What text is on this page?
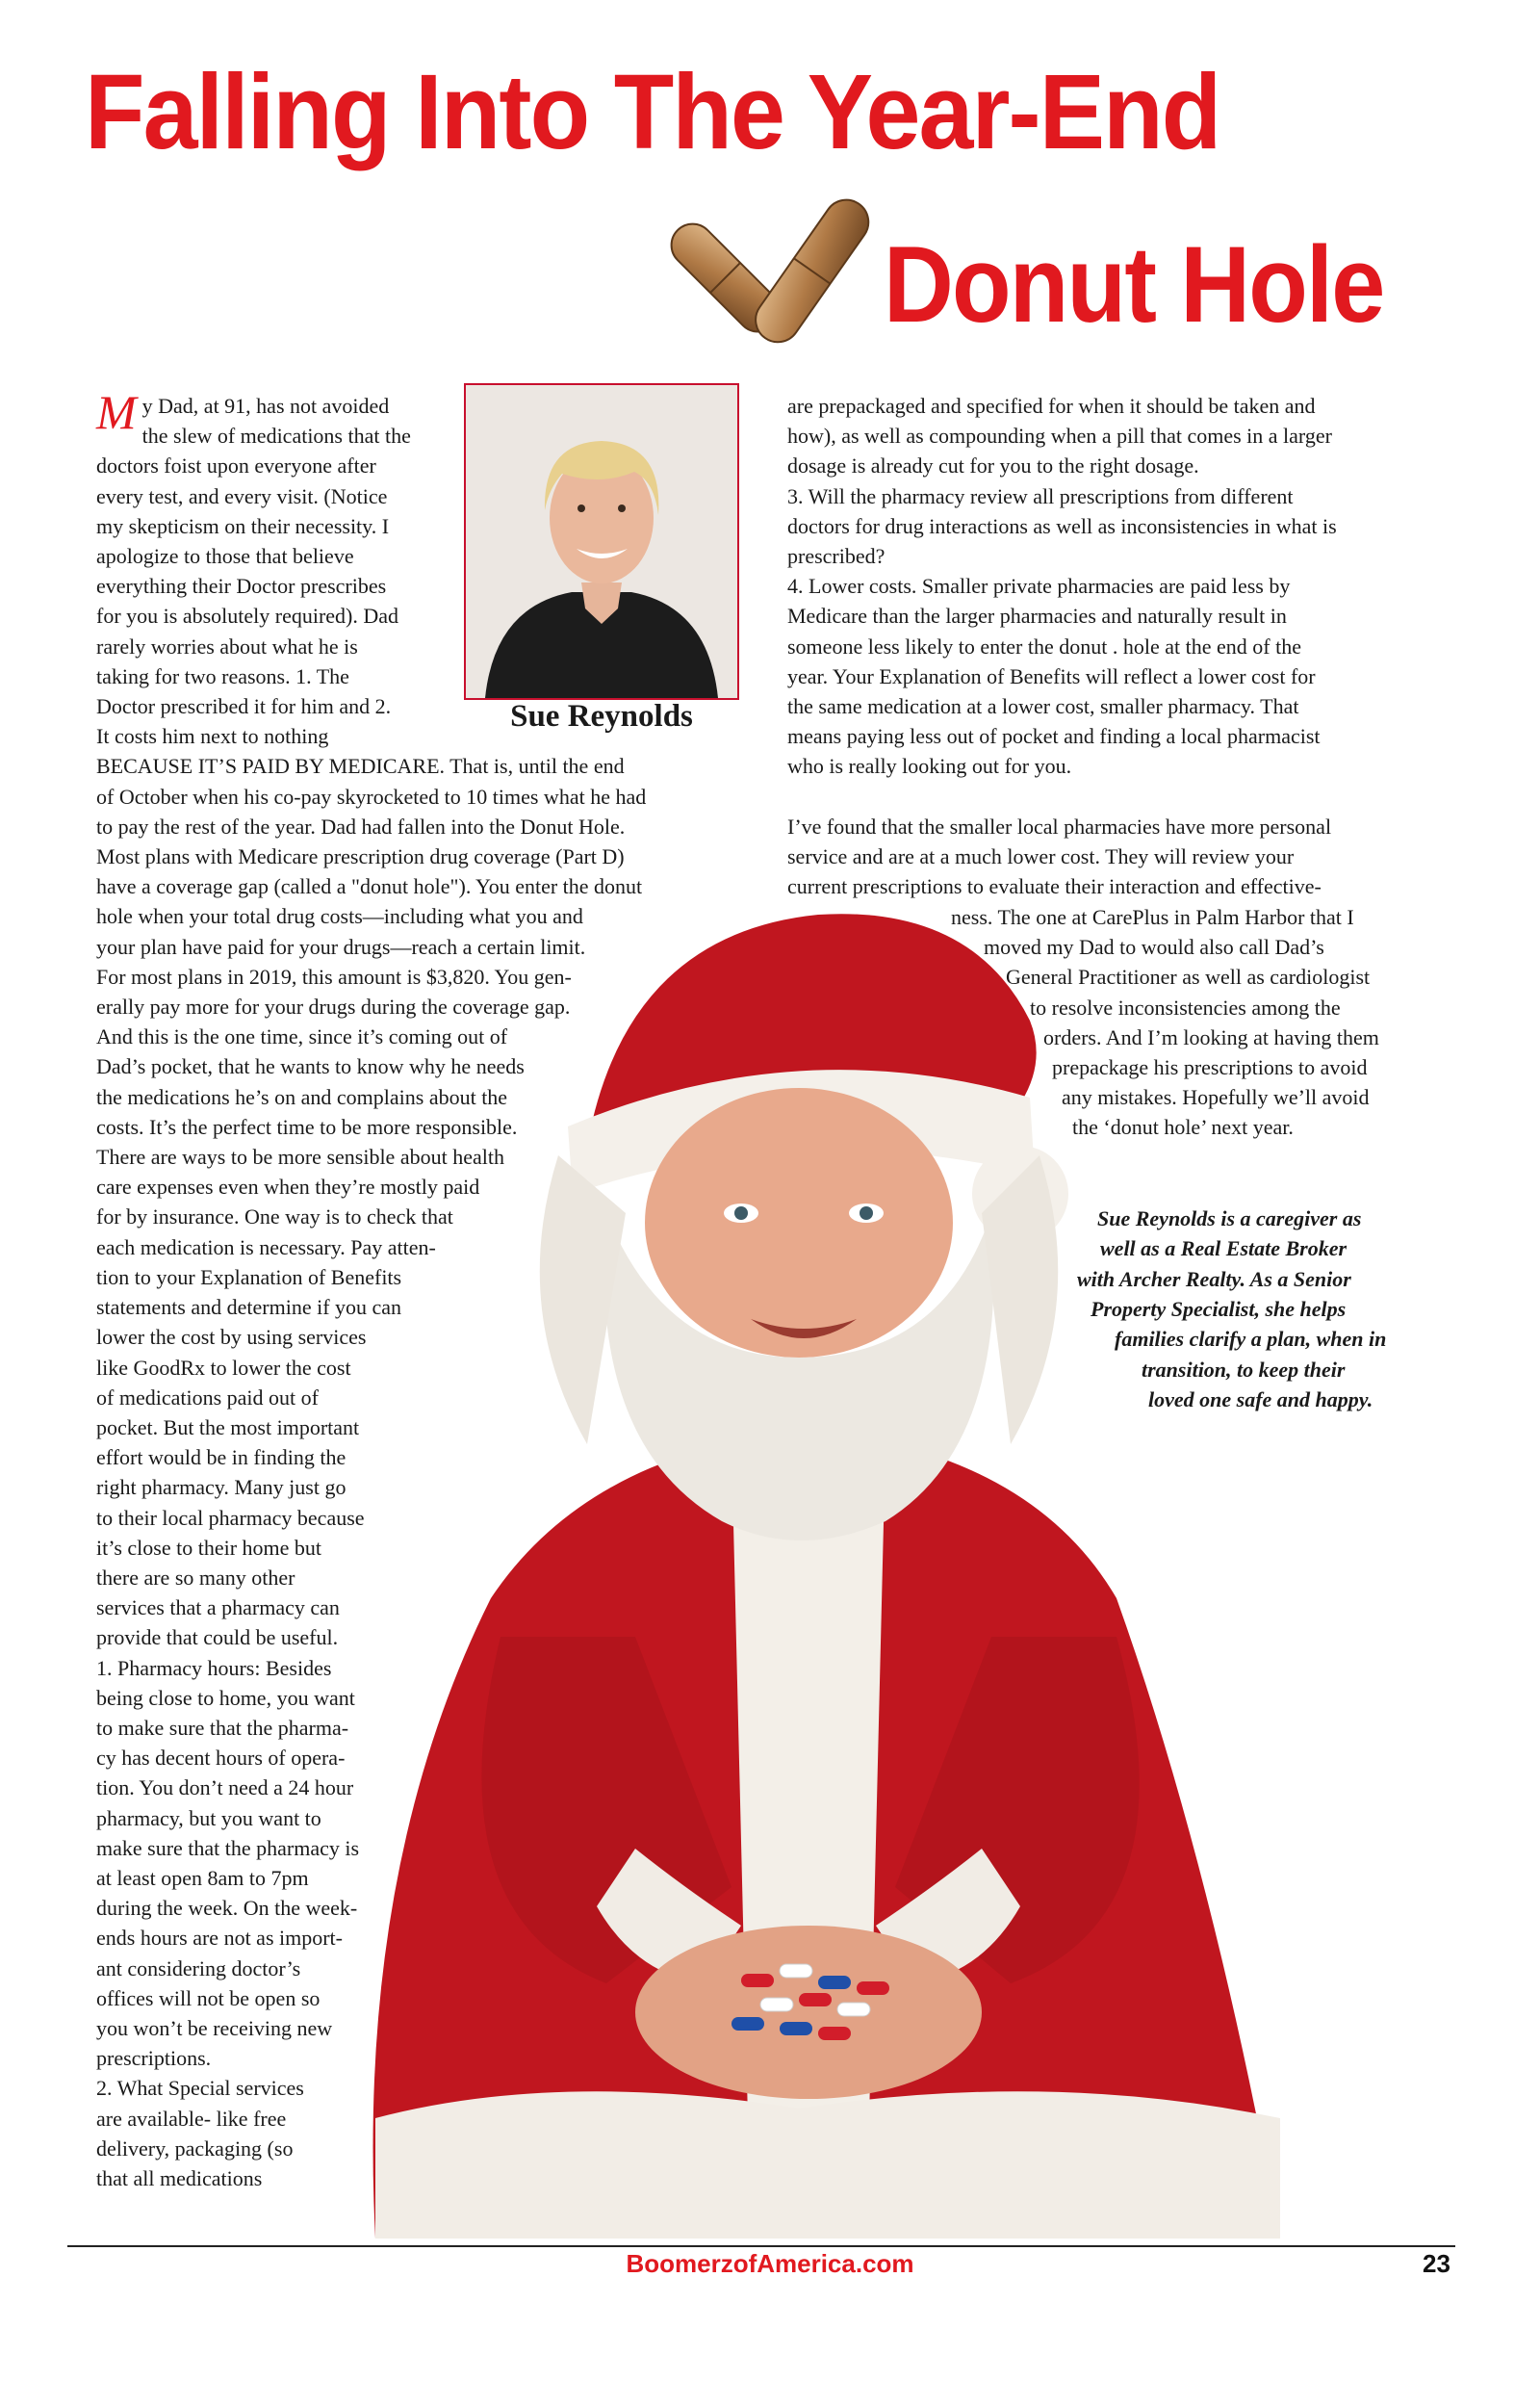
Falling Into The Year-End
Donut Hole
Sue Reynolds
M y Dad, at 91, has not avoided

the slew of medications that the

doctors foist upon everyone after

every test, and every visit. (Notice

my skepticism on their necessity. I

apologize to those that believe

everything their Doctor prescribes

for you is absolutely required). Dad

rarely worries about what he is

taking for two reasons. 1. The

Doctor prescribed it for him and 2.

It costs him next to nothing

BECAUSE IT’S PAID BY MEDICARE. That is, until the end

of October when his co-pay skyrocketed to 10 times what he had

to pay the rest of the year. Dad had fallen into the Donut Hole.

Most plans with Medicare prescription drug coverage (Part D)

have a coverage gap (called a "donut hole"). You enter the donut

hole when your total drug costs—including what you and

your plan have paid for your drugs—reach a certain limit.

For most plans in 2019, this amount is $3,820. You gen-

erally pay more for your drugs during the coverage gap.

And this is the one time, since it’s coming out of

Dad’s pocket, that he wants to know why he needs

the medications he’s on and complains about the

costs. It’s the perfect time to be more responsible.

There are ways to be more sensible about health

care expenses even when they’re mostly paid

for by insurance. One way is to check that

each medication is necessary. Pay atten-

tion to your Explanation of Benefits

statements and determine if you can

lower the cost by using services

like GoodRx to lower the cost

of medications paid out of

pocket. But the most important

effort would be in finding the

right pharmacy. Many just go

to their local pharmacy because

it’s close to their home but

there are so many other

services that a pharmacy can

provide that could be useful.

1. Pharmacy hours: Besides

being close to home, you want

to make sure that the pharma-

cy has decent hours of opera-

tion. You don’t need a 24 hour

pharmacy, but you want to

make sure that the pharmacy is

at least open 8am to 7pm

during the week. On the week-

ends hours are not as import-

ant considering doctor’s

offices will not be open so

you won’t be receiving new

prescriptions.

2. What Special services

are available- like free

delivery, packaging (so

that all medications

are prepackaged and specified for when it should be taken and

how), as well as compounding when a pill that comes in a larger

dosage is already cut for you to the right dosage.

3. Will the pharmacy review all prescriptions from different

doctors for drug interactions as well as inconsistencies in what is

prescribed?

4. Lower costs. Smaller private pharmacies are paid less by

Medicare than the larger pharmacies and naturally result in

someone less likely to enter the donut . hole at the end of the

year. Your Explanation of Benefits will reflect a lower cost for

the same medication at a lower cost, smaller pharmacy. That

means paying less out of pocket and finding a local pharmacist

who is really looking out for you.

I’ve found that the smaller local pharmacies have more personal

service and are at a much lower cost. They will review your

current prescriptions to evaluate their interaction and effective-

ness. The one at CarePlus in Palm Harbor that I

moved my Dad to would also call Dad’s

General Practitioner as well as cardiologist

to resolve inconsistencies among the

orders. And I’m looking at having them

prepackage his prescriptions to avoid

any mistakes. Hopefully we’ll avoid

the ‘donut hole’ next year.

Sue Reynolds is a caregiver as

well as a Real Estate Broker

with Archer Realty. As a Senior

Property Specialist, she helps

families clarify a plan, when in

transition, to keep their

loved one safe and happy.

BoomerzofAmerica.com	23
